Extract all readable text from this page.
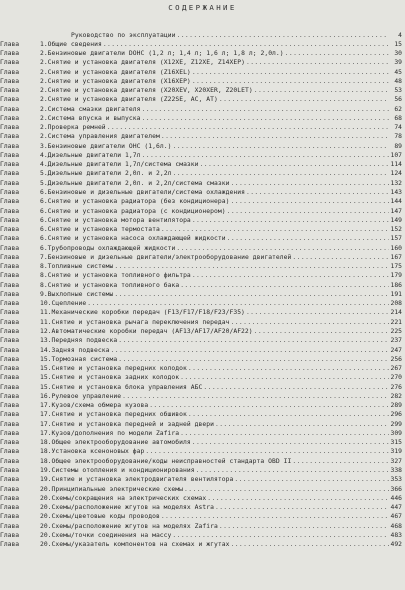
СОДЕРЖАНИЕ
Руководство по эксплуатации .....	4
Глава	1. Общие сведения .....	15
Глава	2. Бензиновые двигатели DOHC (1,2 л; 1,4 л; 1,6 л; 1,8 л; 2,0л.) .....	30
Глава	2. Снятие и установка двигателя (X12XE, Z12XE, Z14XEP) .....	39
Глава	2. Снятие и установка двигателя (Z16XEL) .....	45
Глава	2. Снятие и установка двигателя (X16XEP) .....	48
Глава	2. Снятие и установка двигателя (X20XEV, X20XER, Z20LET) .....	53
Глава	2. Снятие и установка двигателя (Z22SE, AC, AT) .....	56
Глава	2. Система смазки двигателя .....	62
Глава	2. Система впуска и выпуска .....	68
Глава	2. Проверка ремней .....	74
Глава	2. Система управления двигателем .....	78
Глава	3. Бензиновые двигатели ОНС (1,6л.) .....	89
Глава	4. Дизельные двигатели 1,7л .....	107
Глава	4. Дизельные двигатели 1,7л/система смазки .....	114
Глава	5. Дизельные двигатели 2,0л. и 2,2л .....	124
Глава	5. Дизельные двигатели 2,0л. и 2,2л/система смазки .....	132
Глава	6. Бензиновые и дизельные двигатели/система охлаждения .....	143
Глава	6. Снятие и установка радиатора (без кондиционера) .....	144
Глава	6. Снятие и установка радиатора (с кондиционером) .....	147
Глава	6. Снятие и установка мотора вентилятора .....	149
Глава	6. Снятие и установка термостата .....	152
Глава	6. Снятие и установка насоса охлаждающей жидкости .....	157
Глава	6. Трубопроводы охлаждающей жидкости .....	160
Глава	7. Бензиновые и дизельные двигатели/электрооборудование двигателей .....	167
Глава	8. Топливные системы .....	175
Глава	8. Снятие и установка топливного фильтра .....	179
Глава	8. Снятие и установка топливного бака .....	186
Глава	9. Выхлопные системы .....	191
Глава	10. Сцепление .....	208
Глава	11. Механические коробки передач (F13/F17/F18/F23/F35) .....	214
Глава	11. Снятие и установка рычага переключения передач .....	221
Глава	12. Автоматические коробки передач (AF13/AF17/AF20/AF22) .....	225
Глава	13. Передняя подвеска .....	237
Глава	14. Задняя подвеска .....	247
Глава	15. Тормозная система .....	256
Глава	15. Снятие и установка передних колодок .....	267
Глава	15. Снятие и установка задних колодок .....	270
Глава	15. Снятие и установка блока управления АБС .....	276
Глава	16. Рулевое управление .....	282
Глава	17. Кузов/схема обмера кузова .....	289
Глава	17. Снятие и установка передних обшивок .....	296
Глава	17. Снятие и установка передней и задней двери .....	299
Глава	17. Кузов/дополнения по модели Zafira .....	309
Глава	18. Общее электрооборудование автомобиля .....	315
Глава	18. Установка ксеноновых фар .....	319
Глава	18. Общее электрооборудование/коды неисправностей стандарта OBD II .....	327
Глава	19. Системы отопления и кондиционирования .....	338
Глава	19. Снятие и установка электродвигателя вентилятора .....	353
Глава	20. Принципиальные электрические схемы .....	366
Глава	20. Схемы/сокращения на электрических схемах .....	446
Глава	20. Схемы/расположение жгутов на моделях Astra .....	447
Глава	20. Схемы/цветовые коды проводов .....	467
Глава	20. Схемы/расположение жгутов на моделях Zafira .....	468
Глава	20. Схемы/точки соединения на массу .....	483
Глава	20. Схемы/указатель компонентов на схемах и жгутах .....	492
